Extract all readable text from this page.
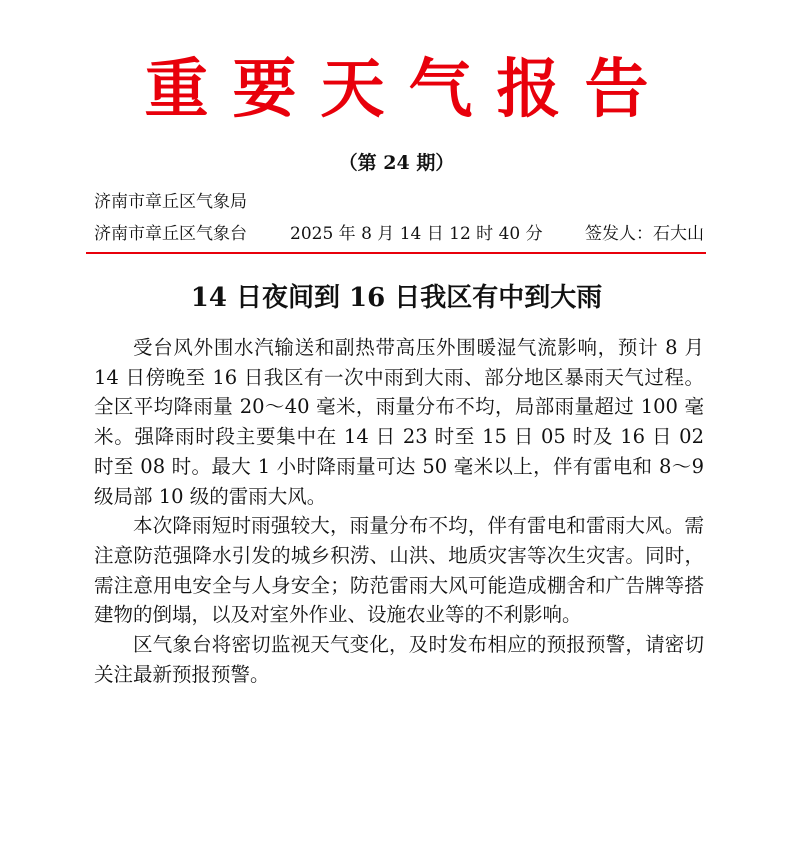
重要天气报告
（第 24 期）
济南市章丘区气象局
济南市章丘区气象台	2025 年 8 月 14 日 12 时 40 分 签发人：石大山
14 日夜间到 16 日我区有中到大雨

受台风外围水汽输送和副热带高压外围暖湿气流影响，预计 8 月 14 日傍晚至 16 日我区有一次中雨到大雨、部分地区暴雨天气过程。全区平均降雨量 20～40 毫米，雨量分布不均，局部雨量超过 100 毫米。强降雨时段主要集中在 14 日 23 时至 15 日 05 时及 16 日 02 时至 08 时。最大 1 小时降雨量可达 50 毫米以上，伴有雷电和 8～9 级局部 10 级的雷雨大风。

本次降雨短时雨强较大，雨量分布不均，伴有雷电和雷雨大风。需注意防范强降水引发的城乡积涝、山洪、地质灾害等次生灾害。同时，需注意用电安全与人身安全；防范雷雨大风可能造成棚舍和广告牌等搭建物的倒塌，以及对室外作业、设施农业等的不利影响。

区气象台将密切监视天气变化，及时发布相应的预报预警，请密切关注最新预报预警。
